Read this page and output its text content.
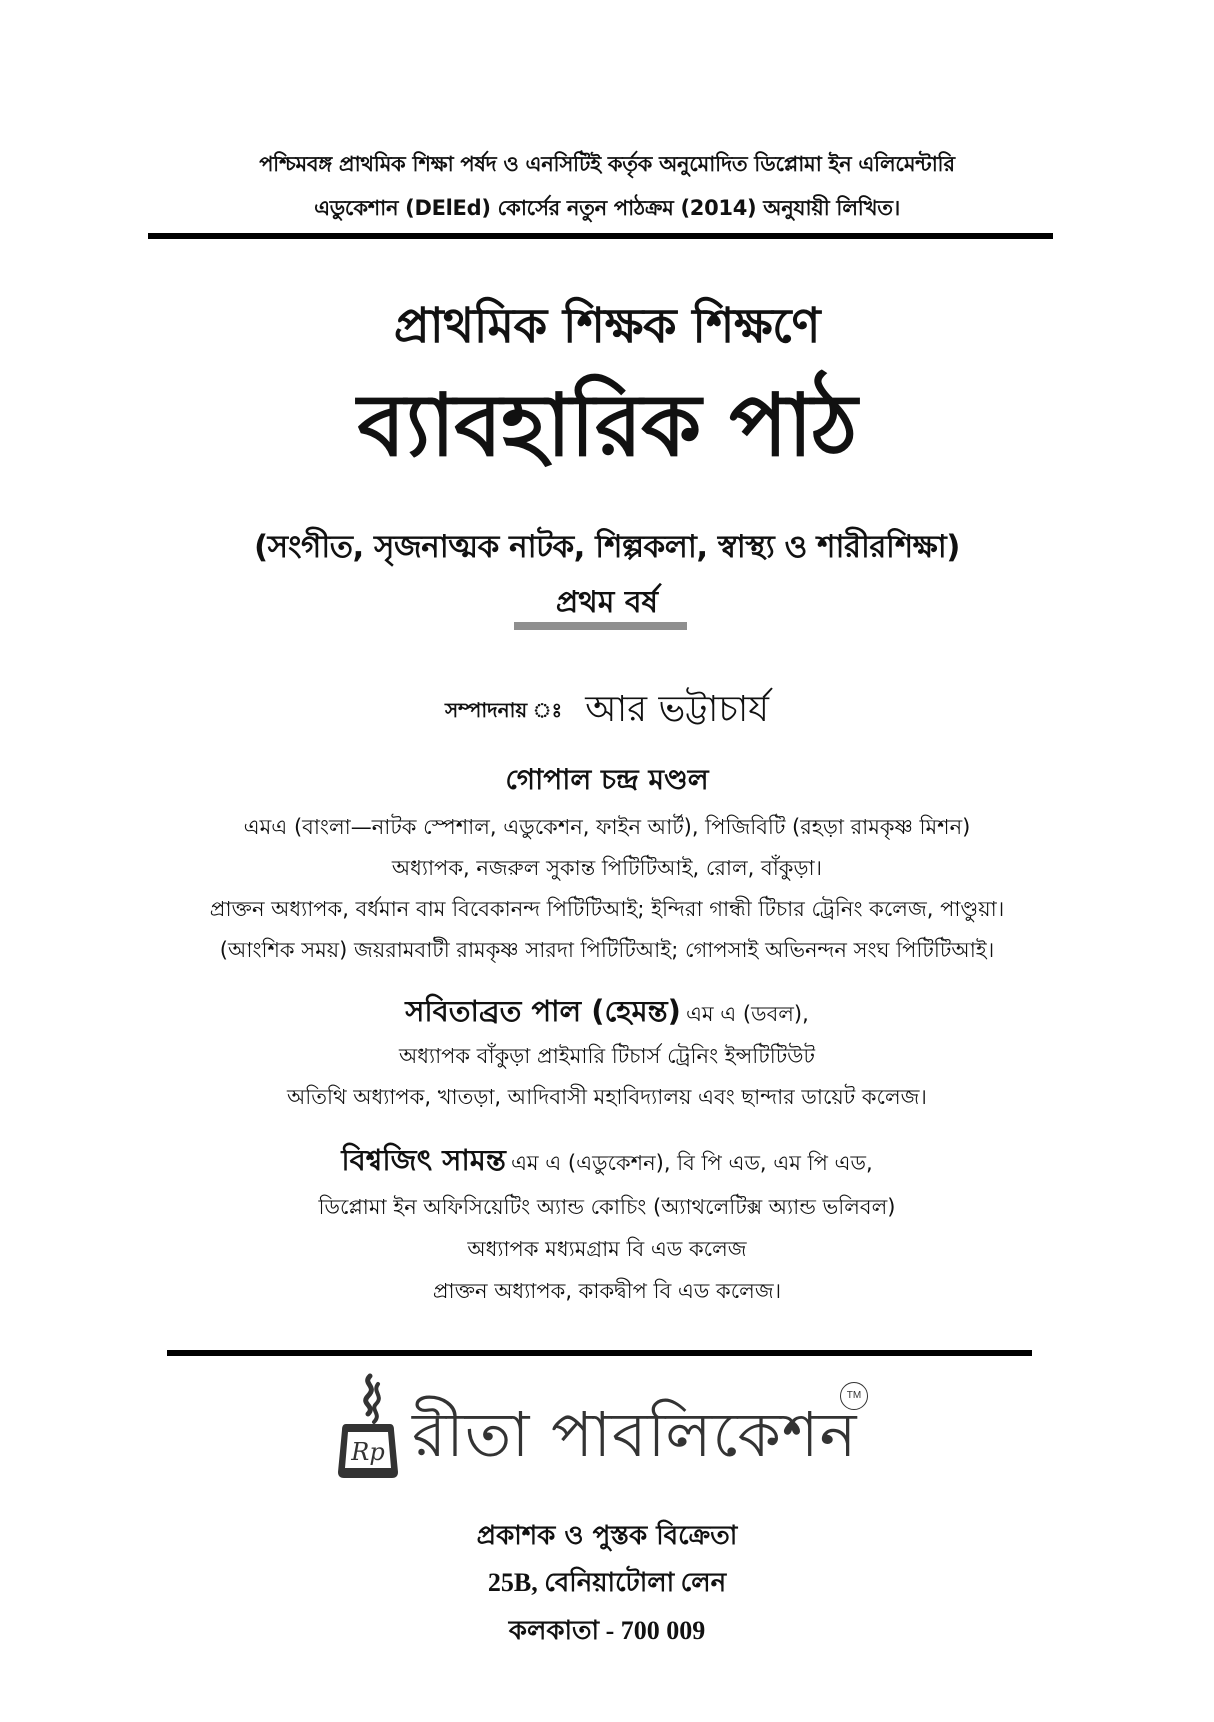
পশ্চিমবঙ্গ প্রাথমিক শিক্ষা পর্ষদ ও এনসিটিই কর্তৃক অনুমোদিত ডিপ্লোমা ইন এলিমেন্টারি
এডুকেশান (DElEd) কোর্সের নতুন পাঠক্রম (2014) অনুযায়ী লিখিত।
প্রাথমিক শিক্ষক শিক্ষণে
ব্যাবহারিক পাঠ
(সংগীত, সৃজনাত্মক নাটক, শিল্পকলা, স্বাস্থ্য ও শারীরশিক্ষা)
প্রথম বর্ষ
সম্পাদনায় ঃ আর ভট্টাচার্য
গোপাল চন্দ্র মণ্ডল
এমএ (বাংলা—নাটক স্পেশাল, এডুকেশন, ফাইন আর্ট), পিজিবিটি (রহড়া রামকৃষ্ণ মিশন)
অধ্যাপক, নজরুল সুকান্ত পিটিটিআই, রোল, বাঁকুড়া।
প্রাক্তন অধ্যাপক, বর্ধমান বাম বিবেকানন্দ পিটিটিআই; ইন্দিরা গান্ধী টিচার ট্রেনিং কলেজ, পাণ্ডুয়া।
(আংশিক সময়) জয়রামবাটী রামকৃষ্ণ সারদা পিটিটিআই; গোপসাই অভিনন্দন সংঘ পিটিটিআই।
সবিতাব্রত পাল (হেমন্ত) এম এ (ডবল),
অধ্যাপক বাঁকুড়া প্রাইমারি টিচার্স ট্রেনিং ইন্সটিটিউট
অতিথি অধ্যাপক, খাতড়া, আদিবাসী মহাবিদ্যালয় এবং ছান্দার ডায়েট কলেজ।
বিশ্বজিৎ সামন্ত এম এ (এডুকেশন), বি পি এড, এম পি এড,
ডিপ্লোমা ইন অফিসিয়েটিং অ্যান্ড কোচিং (অ্যাথলেটিক্স অ্যান্ড ভলিবল)
অধ্যাপক মধ্যমগ্রাম বি এড কলেজ
প্রাক্তন অধ্যাপক, কাকদ্বীপ বি এড কলেজ।
Rp রীতা পাবলিকেশন
TM
প্রকাশক ও পুস্তক বিক্রেতা
25B, বেনিয়াটোলা লেন
কলকাতা - 700 009
